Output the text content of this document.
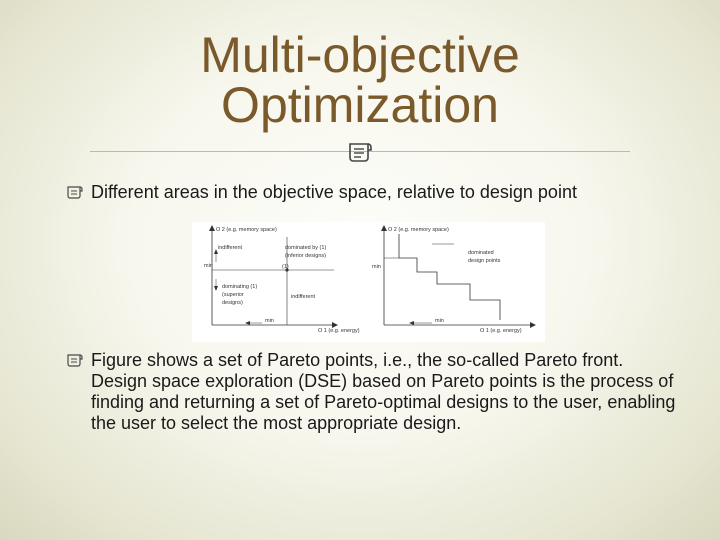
Multi-objective
Optimization
Different areas in the objective space, relative to design point
O 2 (e.g. memory space)
indifferent	dominated by (1)
(inferior designs)
(1)
min
dominating (1)
(superior
designs)
indifferent
min
O 1 (e.g. energy)
O 2 (e.g. memory space)
dominated
design points
min
min
O 1 (e.g. energy)
Figure shows a set of Pareto points, i.e., the so-called Pareto front. Design space exploration (DSE) based on Pareto points is the process of finding and returning a set of Pareto-optimal designs to the user, enabling the user to select the most appropriate design.
